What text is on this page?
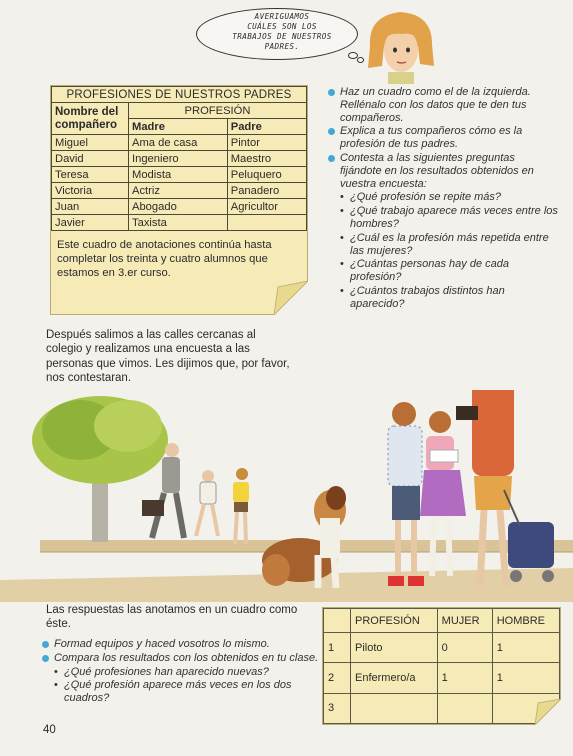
AVERIGUAMOS
CUÁLES SON LOS
TRABAJOS DE NUESTROS
PADRES.
PROFESIONES DE NUESTROS PADRES		
Nombre del
compañero	PROFESIÓN	
	Madre	Padre
Miguel	Ama de casa	Pintor
David	Ingeniero	Maestro
Teresa	Modista	Peluquero
Victoria	Actriz	Panadero
Juan	Abogado	Agricultor
Javier	Taxista	
Este cuadro de anotaciones continúa hasta completar los treinta y cuatro alumnos que estamos en 3.er curso.
Haz un cuadro como el de la izquierda. Rellénalo con los datos que te den tus compañeros.
Explica a tus compañeros cómo es la profesión de tus padres.
Contesta a las siguientes preguntas fijándote en los resultados obtenidos en vuestra encuesta:
• ¿Qué profesión se repite más?
• ¿Qué trabajo aparece más veces entre los hombres?
• ¿Cuál es la profesión más repetida entre las mujeres?
• ¿Cuántas personas hay de cada profesión?
• ¿Cuántos trabajos distintos han aparecido?
Después salimos a las calles cercanas al colegio y realizamos una encuesta a las personas que vimos. Les dijimos que, por favor, nos contestaran.
Las respuestas las anotamos en un cuadro como éste.
Formad equipos y haced vosotros lo mismo.
Compara los resultados con los obtenidos en tu clase.
• ¿Qué profesiones han aparecido nuevas?
• ¿Qué profesión aparece más veces en los dos cuadros?
	PROFESIÓN	MUJER	HOMBRE
1	Piloto	0	1
2	Enfermero/a	1	1
3			
40
